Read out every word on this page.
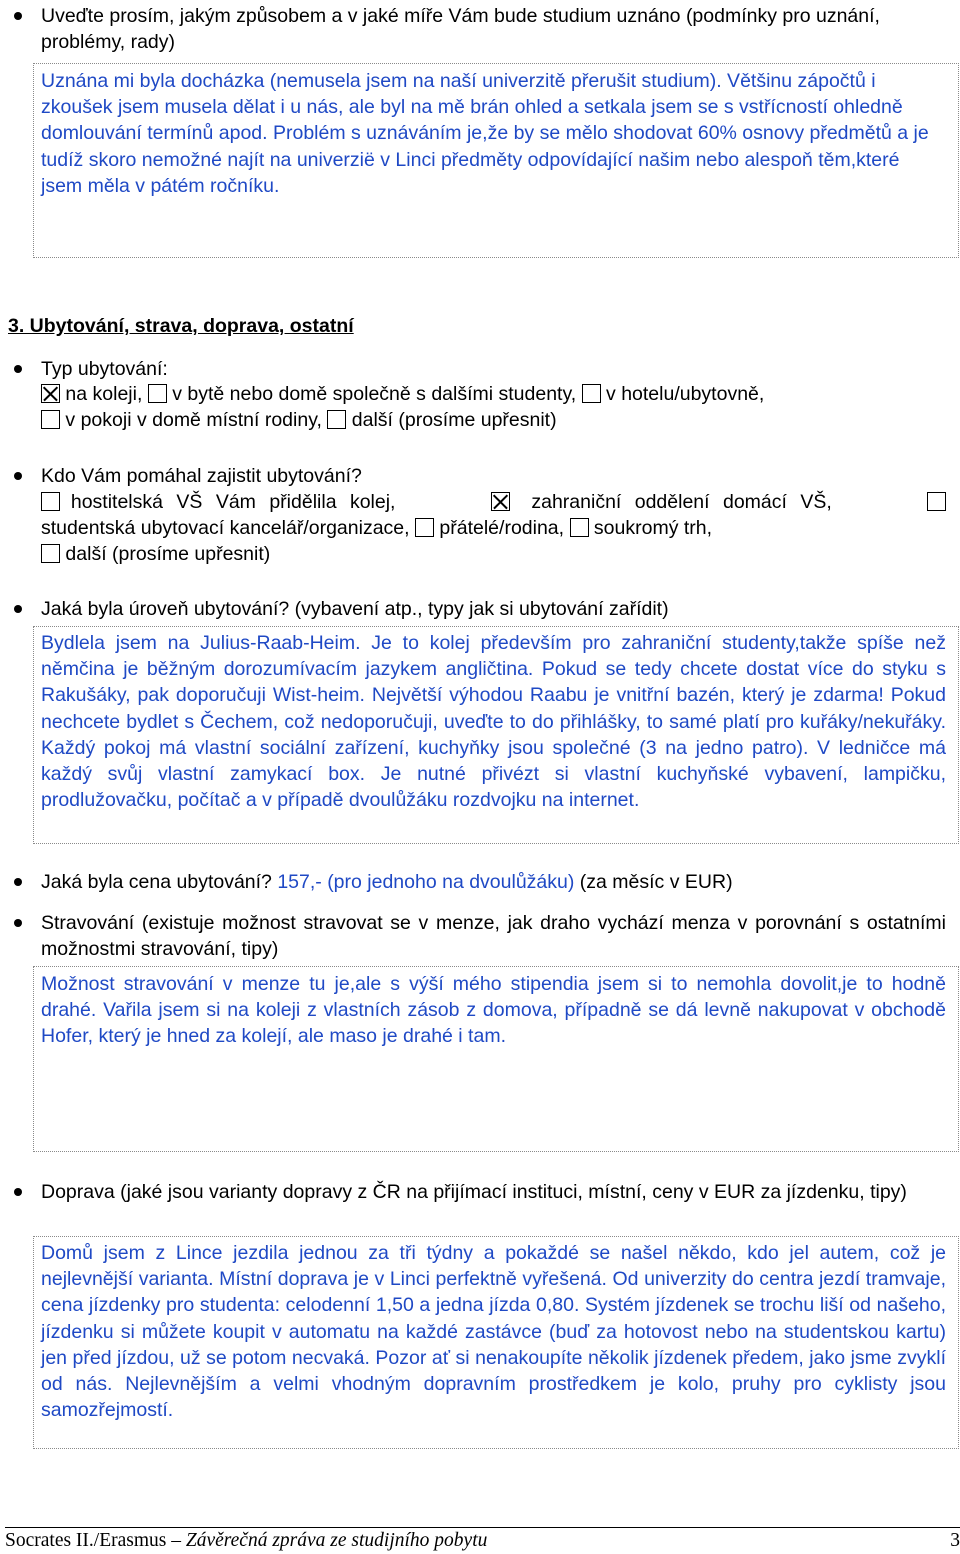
Uveďte prosím, jakým způsobem a v jaké míře Vám bude studium uznáno (podmínky pro uznání, problémy, rady)
Uznána mi byla docházka (nemusela jsem na naší univerzitě přerušit studium). Většinu zápočtů i zkoušek jsem musela dělat i u nás, ale byl na mě brán ohled a setkala jsem se s vstřícností ohledně domlouvání termínů apod. Problém s uznáváním je,že by se mělo shodovat 60% osnovy předmětů a je tudíž skoro nemožné najít na univerzië v Linci předměty odpovídající našim nebo alespoň těm,které jsem měla v pátém ročníku.
3. Ubytování, strava, doprava, ostatní
Typ ubytování:
na koleji, v bytě nebo domě společně s dalšími studenty, v hotelu/ubytovně,
v pokoji v domě místní rodiny, další (prosíme upřesnit)
Kdo Vám pomáhal zajistit ubytování?
hostitelská VŠ Vám přidělila kolej,	zahraniční oddělení domácí VŠ,
studentská ubytovací kancelář/organizace, přátelé/rodina, soukromý trh,
další (prosíme upřesnit)
Jaká byla úroveň ubytování? (vybavení atp., typy jak si ubytování zařídit)
Bydlela jsem na Julius-Raab-Heim. Je to kolej především pro zahraniční studenty,takže spíše než němčina je běžným dorozumívacím jazykem angličtina. Pokud se tedy chcete dostat více do styku s Rakušáky, pak doporučuji Wist-heim. Největší výhodou Raabu je vnitřní bazén, který je zdarma! Pokud nechcete bydlet s Čechem, což nedoporučuji, uveďte to do přihlášky, to samé platí pro kuřáky/nekuřáky. Každý pokoj má vlastní sociální zařízení, kuchyňky jsou společné (3 na jedno patro). V ledničce má každý svůj vlastní zamykací box. Je nutné přivézt si vlastní kuchyňské vybavení, lampičku, prodlužovačku, počítač a v případě dvoulůžáku rozdvojku na internet.
Jaká byla cena ubytování? 157,- (pro jednoho na dvoulůžáku) (za měsíc v EUR)
Stravování (existuje možnost stravovat se v menze, jak draho vychází menza v porovnání s ostatními možnostmi stravování, tipy)
Možnost stravování v menze tu je,ale s výší mého stipendia jsem si to nemohla dovolit,je to hodně drahé. Vařila jsem si na koleji z vlastních zásob z domova, případně se dá levně nakupovat v obchodě Hofer, který je hned za kolejí, ale maso je drahé i tam.
Doprava (jaké jsou varianty dopravy z ČR na přijímací instituci, místní, ceny v EUR za jízdenku, tipy)
Domů jsem z Lince jezdila jednou za tři týdny a pokaždé se našel někdo, kdo jel autem, což je nejlevnější varianta. Místní doprava je v Linci perfektně vyřešená. Od univerzity do centra jezdí tramvaje, cena jízdenky pro studenta: celodenní 1,50 a jedna jízda 0,80. Systém jízdenek se trochu liší od našeho, jízdenku si můžete koupit v automatu na každé zastávce (buď za hotovost nebo na studentskou kartu) jen před jízdou, už se potom necvaká. Pozor ať si nenakoupíte několik jízdenek předem, jako jsme zvyklí od nás. Nejlevnějším a velmi vhodným dopravním prostředkem je kolo, pruhy pro cyklisty jsou samozřejmostí.
Socrates II./Erasmus – Závěrečná zpráva ze studijního pobytu	3
